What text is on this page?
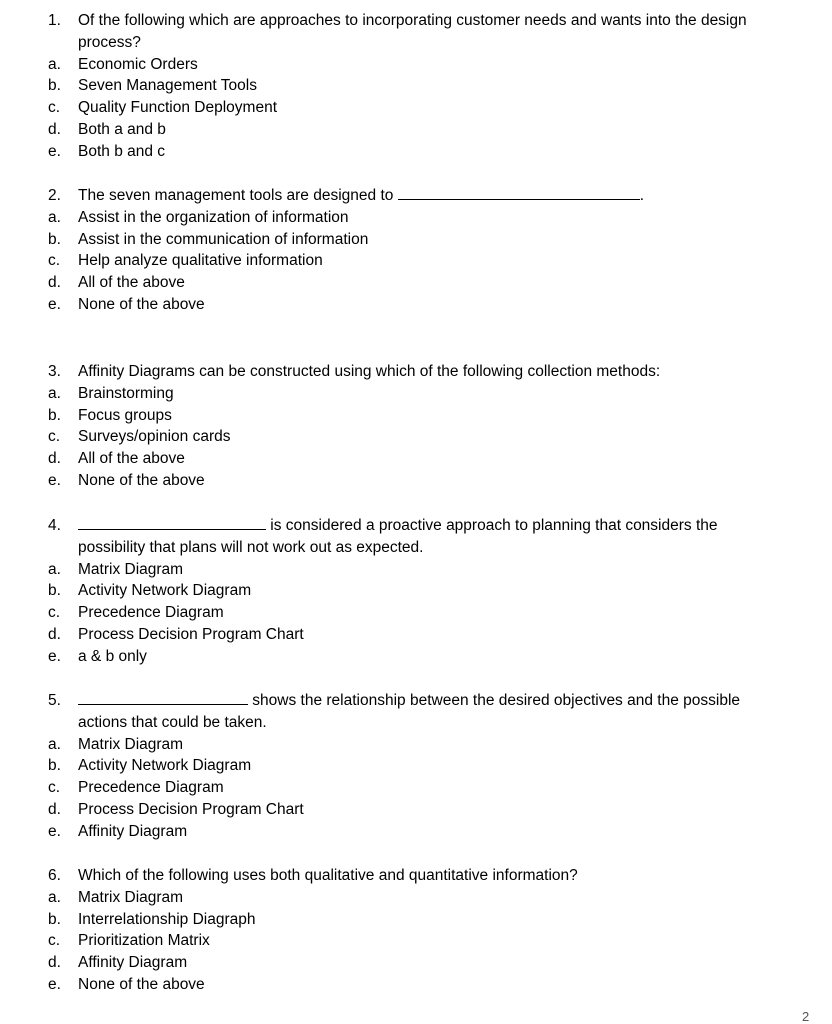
1. Of the following which are approaches to incorporating customer needs and wants into the design
process?
a. Economic Orders
b. Seven Management Tools
c. Quality Function Deployment
d. Both a and b
e. Both b and c
2. The seven management tools are designed to	.
a. Assist in the organization of information
b. Assist in the communication of information
c. Help analyze qualitative information
d. All of the above
e. None of the above
3. Affinity Diagrams can be constructed using which of the following collection methods:
a. Brainstorming
b. Focus groups
c. Surveys/opinion cards
d. All of the above
e. None of the above
4.	is considered a proactive approach to planning that considers the
possibility that plans will not work out as expected.
a. Matrix Diagram
b. Activity Network Diagram
c. Precedence Diagram
d. Process Decision Program Chart
e. a & b only
5.	shows the relationship between the desired objectives and the possible
actions that could be taken.
a. Matrix Diagram
b. Activity Network Diagram
c. Precedence Diagram
d. Process Decision Program Chart
e. Affinity Diagram
6. Which of the following uses both qualitative and quantitative information?
a. Matrix Diagram
b. Interrelationship Diagraph
c. Prioritization Matrix
d. Affinity Diagram
e. None of the above
2
